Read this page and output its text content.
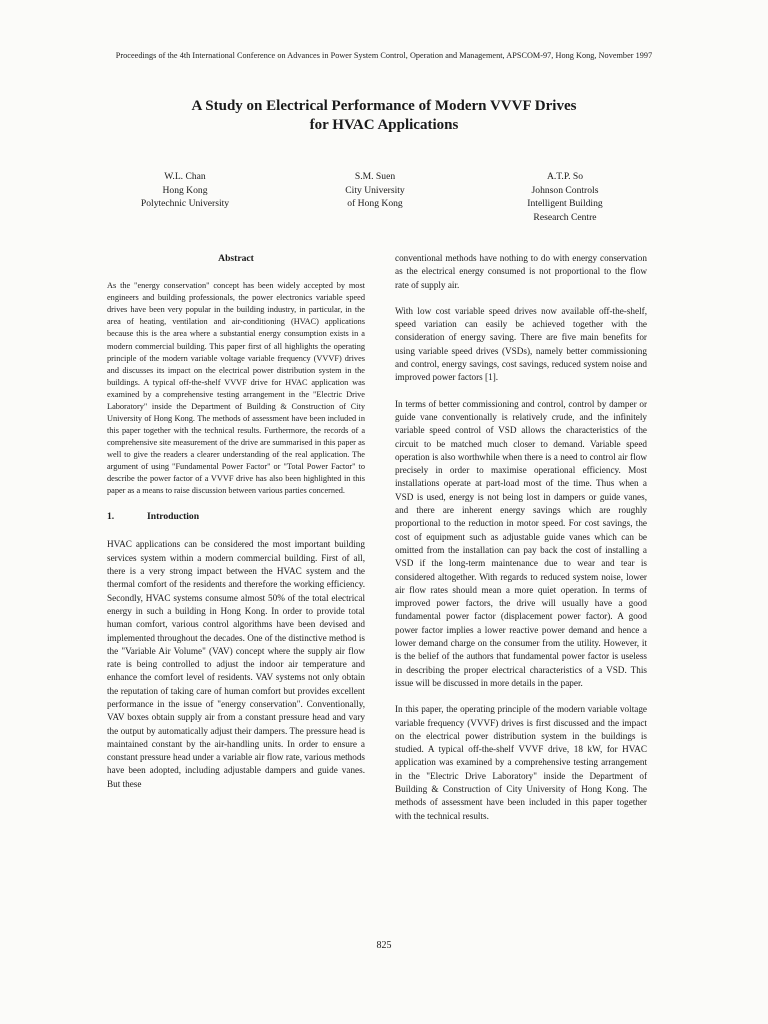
Proceedings of the 4th International Conference on Advances in Power System Control, Operation and Management, APSCOM-97, Hong Kong, November 1997
A Study on Electrical Performance of Modern VVVF Drives
for HVAC Applications
W.L. Chan
Hong Kong
Polytechnic University
S.M. Suen
City University
of Hong Kong
A.T.P. So
Johnson Controls
Intelligent Building
Research Centre
Abstract

As the "energy conservation" concept has been widely accepted by most engineers and building professionals, the power electronics variable speed drives have been very popular in the building industry, in particular, in the area of heating, ventilation and air-conditioning (HVAC) applications because this is the area where a substantial energy consumption exists in a modern commercial building. This paper first of all highlights the operating principle of the modern variable voltage variable frequency (VVVF) drives and discusses its impact on the electrical power distribution system in the buildings. A typical off-the-shelf VVVF drive for HVAC application was examined by a comprehensive testing arrangement in the "Electric Drive Laboratory" inside the Department of Building & Construction of City University of Hong Kong. The methods of assessment have been included in this paper together with the technical results. Furthermore, the records of a comprehensive site measurement of the drive are summarised in this paper as well to give the readers a clearer understanding of the real application. The argument of using "Fundamental Power Factor" or "Total Power Factor" to describe the power factor of a VVVF drive has also been highlighted in this paper as a means to raise discussion between various parties concerned.

1.	Introduction

HVAC applications can be considered the most important building services system within a modern commercial building. First of all, there is a very strong impact between the HVAC system and the thermal comfort of the residents and therefore the working efficiency. Secondly, HVAC systems consume almost 50% of the total electrical energy in such a building in Hong Kong. In order to provide total human comfort, various control algorithms have been devised and implemented throughout the decades. One of the distinctive method is the "Variable Air Volume" (VAV) concept where the supply air flow rate is being controlled to adjust the indoor air temperature and enhance the comfort level of residents. VAV systems not only obtain the reputation of taking care of human comfort but provides excellent performance in the issue of "energy conservation". Conventionally, VAV boxes obtain supply air from a constant pressure head and vary the output by automatically adjust their dampers. The pressure head is maintained constant by the air-handling units. In order to ensure a constant pressure head under a variable air flow rate, various methods have been adopted, including adjustable dampers and guide vanes. But these

conventional methods have nothing to do with energy conservation as the electrical energy consumed is not proportional to the flow rate of supply air.

With low cost variable speed drives now available off-the-shelf, speed variation can easily be achieved together with the consideration of energy saving. There are five main benefits for using variable speed drives (VSDs), namely better commissioning and control, energy savings, cost savings, reduced system noise and improved power factors [1].

In terms of better commissioning and control, control by damper or guide vane conventionally is relatively crude, and the infinitely variable speed control of VSD allows the characteristics of the circuit to be matched much closer to demand. Variable speed operation is also worthwhile when there is a need to control air flow precisely in order to maximise operational efficiency. Most installations operate at part-load most of the time. Thus when a VSD is used, energy is not being lost in dampers or guide vanes, and there are inherent energy savings which are roughly proportional to the reduction in motor speed. For cost savings, the cost of equipment such as adjustable guide vanes which can be omitted from the installation can pay back the cost of installing a VSD if the long-term maintenance due to wear and tear is considered altogether. With regards to reduced system noise, lower air flow rates should mean a more quiet operation. In terms of improved power factors, the drive will usually have a good fundamental power factor (displacement power factor). A good power factor implies a lower reactive power demand and hence a lower demand charge on the consumer from the utility. However, it is the belief of the authors that fundamental power factor is useless in describing the proper electrical characteristics of a VSD. This issue will be discussed in more details in the paper.

In this paper, the operating principle of the modern variable voltage variable frequency (VVVF) drives is first discussed and the impact on the electrical power distribution system in the buildings is studied. A typical off-the-shelf VVVF drive, 18 kW, for HVAC application was examined by a comprehensive testing arrangement in the "Electric Drive Laboratory" inside the Department of Building & Construction of City University of Hong Kong. The methods of assessment have been included in this paper together with the technical results.

825
